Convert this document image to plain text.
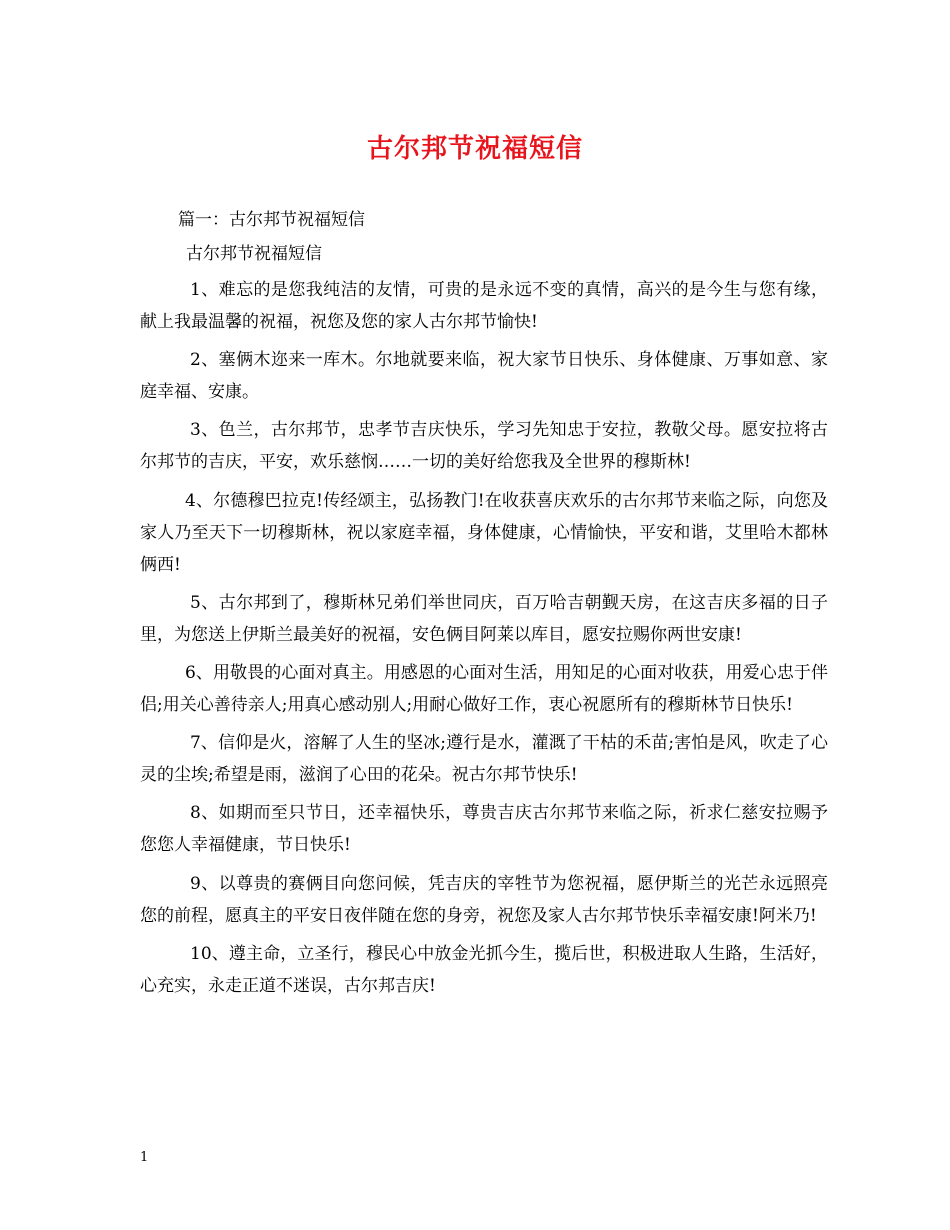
古尔邦节祝福短信

篇一：古尔邦节祝福短信

古尔邦节祝福短信

1、难忘的是您我纯洁的友情，可贵的是永远不变的真情，高兴的是今生与您有缘，献上我最温馨的祝福，祝您及您的家人古尔邦节愉快!

2、塞俩木迩来一库木。尔地就要来临，祝大家节日快乐、身体健康、万事如意、家庭幸福、安康。

3、色兰，古尔邦节，忠孝节吉庆快乐，学习先知忠于安拉，教敬父母。愿安拉将古尔邦节的吉庆，平安，欢乐慈悯……一切的美好给您我及全世界的穆斯林!

4、尔德穆巴拉克!传经颂主，弘扬教门!在收获喜庆欢乐的古尔邦节来临之际，向您及家人乃至天下一切穆斯林，祝以家庭幸福，身体健康，心情愉快，平安和谐，艾里哈木都林俩西!

5、古尔邦到了，穆斯林兄弟们举世同庆，百万哈吉朝觐天房，在这吉庆多福的日子里，为您送上伊斯兰最美好的祝福，安色俩目阿莱以库目，愿安拉赐你两世安康!

6、用敬畏的心面对真主。用感恩的心面对生活，用知足的心面对收获，用爱心忠于伴侣;用关心善待亲人;用真心感动别人;用耐心做好工作，衷心祝愿所有的穆斯林节日快乐!

7、信仰是火，溶解了人生的坚冰;遵行是水，灌溉了干枯的禾苗;害怕是风，吹走了心灵的尘埃;希望是雨，滋润了心田的花朵。祝古尔邦节快乐!

8、如期而至只节日，还幸福快乐，尊贵吉庆古尔邦节来临之际，祈求仁慈安拉赐予您您人幸福健康，节日快乐!

9、以尊贵的赛俩目向您问候，凭吉庆的宰牲节为您祝福，愿伊斯兰的光芒永远照亮您的前程，愿真主的平安日夜伴随在您的身旁，祝您及家人古尔邦节快乐幸福安康!阿米乃!

10、遵主命，立圣行，穆民心中放金光抓今生，揽后世，积极进取人生路，生活好，心充实，永走正道不迷误，古尔邦吉庆!

1
